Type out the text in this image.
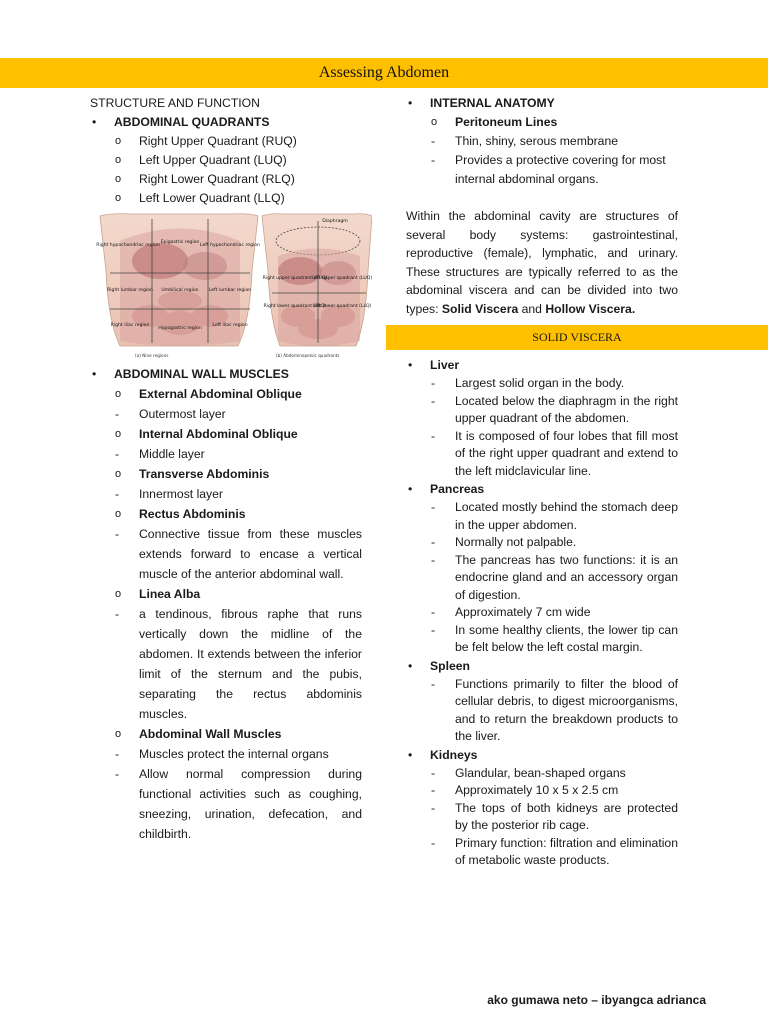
Assessing Abdomen
STRUCTURE AND FUNCTION
•	ABDOMINAL QUADRANTS
o	Right Upper Quadrant (RUQ)
o	Left Upper Quadrant (LUQ)
o	Right Lower Quadrant (RLQ)
o	Left Lower Quadrant (LLQ)
Right hypochondriac region
Epigastric region
Left hypochondriac region
Right lumbar region Umbilical region Left lumbar region
Right iliac region
Hypogastric region
Left iliac region
(a) Nine regions
Diaphragm
Right upper quadrant (RUQ)
Left upper quadrant (LUQ)
Right lower quadrant (RLQ)
Left lower quadrant (LLQ)
(b) Abdominopelvic quadrants
•	ABDOMINAL WALL MUSCLES
o	External Abdominal Oblique
-	Outermost layer
o	Internal Abdominal Oblique
-	Middle layer
o	Transverse Abdominis
-	Innermost layer
o	Rectus Abdominis
-	Connective tissue from these muscles extends forward to encase a vertical muscle of the anterior abdominal wall.
o	Linea Alba
-	a tendinous, fibrous raphe that runs vertically down the midline of the abdomen. It extends between the inferior limit of the sternum and the pubis, separating the rectus abdominis muscles.
o	Abdominal Wall Muscles
-	Muscles protect the internal organs
-	Allow normal compression during functional activities such as coughing, sneezing, urination, defecation, and childbirth.
•	INTERNAL ANATOMY
o	Peritoneum Lines
-	Thin, shiny, serous membrane
-	Provides a protective covering for most internal abdominal organs.
Within the abdominal cavity are structures of several body systems: gastrointestinal, reproductive (female), lymphatic, and urinary. These structures are typically referred to as the abdominal viscera and can be divided into two types: Solid Viscera and Hollow Viscera.
SOLID VISCERA
•	Liver
-	Largest solid organ in the body.
-	Located below the diaphragm in the right upper quadrant of the abdomen.
-	It is composed of four lobes that fill most of the right upper quadrant and extend to the left midclavicular line.
•	Pancreas
-	Located mostly behind the stomach deep in the upper abdomen.
-	Normally not palpable.
-	The pancreas has two functions: it is an endocrine gland and an accessory organ of digestion.
-	Approximately 7 cm wide
-	In some healthy clients, the lower tip can be felt below the left costal margin.
•	Spleen
-	Functions primarily to filter the blood of cellular debris, to digest microorganisms, and to return the breakdown products to the liver.
•	Kidneys
-	Glandular, bean-shaped organs
-	Approximately 10 x 5 x 2.5 cm
-	The tops of both kidneys are protected by the posterior rib cage.
-	Primary function: filtration and elimination of metabolic waste products.
ako gumawa neto – ibyangca adrianca
